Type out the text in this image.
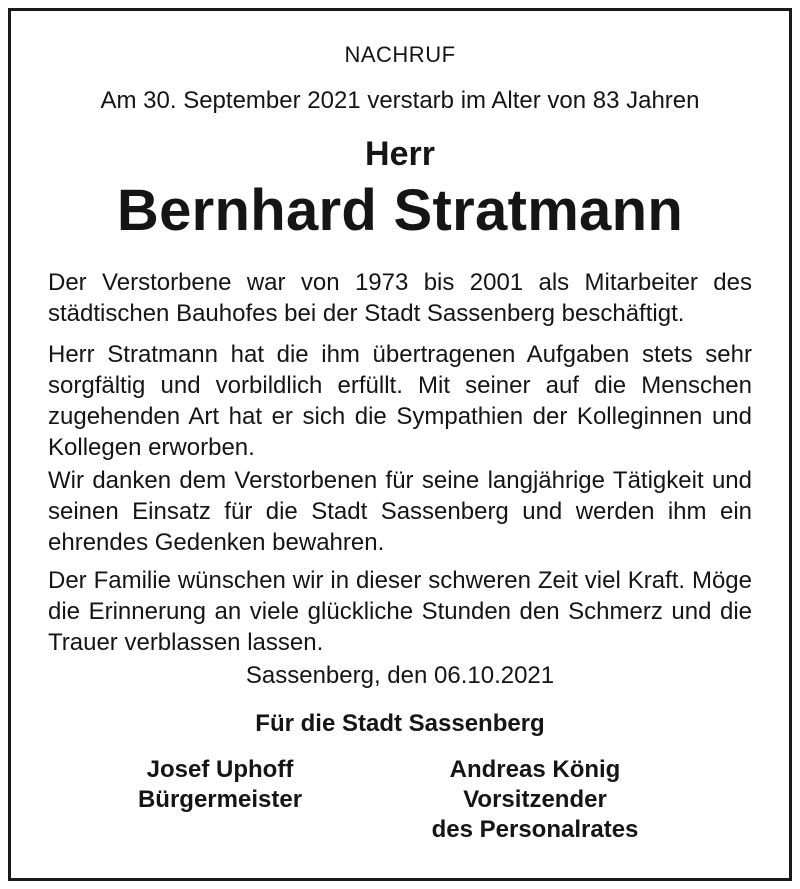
NACHRUF
Am 30. September 2021 verstarb im Alter von 83 Jahren
Herr
Bernhard Stratmann

Der Verstorbene war von 1973 bis 2001 als Mitarbeiter des städtischen Bauhofes bei der Stadt Sassenberg beschäftigt.

Herr Stratmann hat die ihm übertragenen Aufgaben stets sehr sorgfältig und vorbildlich erfüllt. Mit seiner auf die Menschen zugehenden Art hat er sich die Sympathien der Kolleginnen und Kollegen erworben.

Wir danken dem Verstorbenen für seine langjährige Tätigkeit und seinen Einsatz für die Stadt Sassenberg und werden ihm ein ehrendes Gedenken bewahren.

Der Familie wünschen wir in dieser schweren Zeit viel Kraft. Möge die Erinnerung an viele glückliche Stunden den Schmerz und die Trauer verblassen lassen.

Sassenberg, den 06.10.2021
Für die Stadt Sassenberg
Josef Uphoff
Bürgermeister
Andreas König
Vorsitzender
des Personalrates
